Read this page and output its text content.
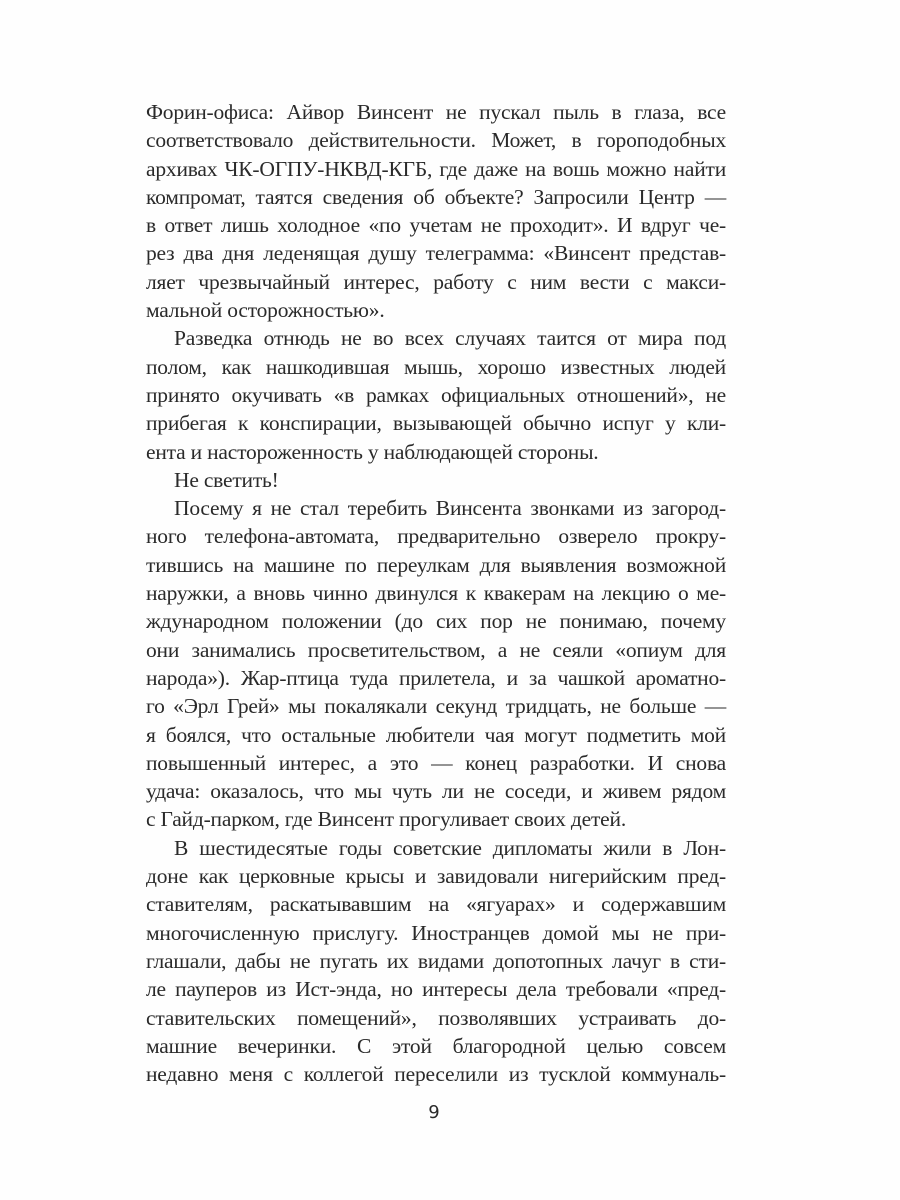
Форин-офиса: Айвор Винсент не пускал пыль в глаза, все
соответствовало действительности. Может, в гороподобных
архивах ЧК-ОГПУ-НКВД-КГБ, где даже на вошь можно найти
компромат, таятся сведения об объекте? Запросили Центр —
в ответ лишь холодное «по учетам не проходит». И вдруг че-
рез два дня леденящая душу телеграмма: «Винсент представ-
ляет чрезвычайный интерес, работу с ним вести с макси-
мальной осторожностью».
Разведка отнюдь не во всех случаях таится от мира под
полом, как нашкодившая мышь, хорошо известных людей
принято окучивать «в рамках официальных отношений», не
прибегая к конспирации, вызывающей обычно испуг у кли-
ента и настороженность у наблюдающей стороны.
Не светить!
Посему я не стал теребить Винсента звонками из загород-
ного телефона-автомата, предварительно озверело прокру-
тившись на машине по переулкам для выявления возможной
наружки, а вновь чинно двинулся к квакерам на лекцию о ме-
ждународном положении (до сих пор не понимаю, почему
они занимались просветительством, а не сеяли «опиум для
народа»). Жар-птица туда прилетела, и за чашкой ароматно-
го «Эрл Грей» мы покалякали секунд тридцать, не больше —
я боялся, что остальные любители чая могут подметить мой
повышенный интерес, а это — конец разработки. И снова
удача: оказалось, что мы чуть ли не соседи, и живем рядом
с Гайд-парком, где Винсент прогуливает своих детей.
В шестидесятые годы советские дипломаты жили в Лон-
доне как церковные крысы и завидовали нигерийским пред-
ставителям, раскатывавшим на «ягуарах» и содержавшим
многочисленную прислугу. Иностранцев домой мы не при-
глашали, дабы не пугать их видами допотопных лачуг в сти-
ле пауперов из Ист-энда, но интересы дела требовали «пред-
ставительских помещений», позволявших устраивать до-
машние вечеринки. С этой благородной целью совсем
недавно меня с коллегой переселили из тусклой коммуналь-
9
